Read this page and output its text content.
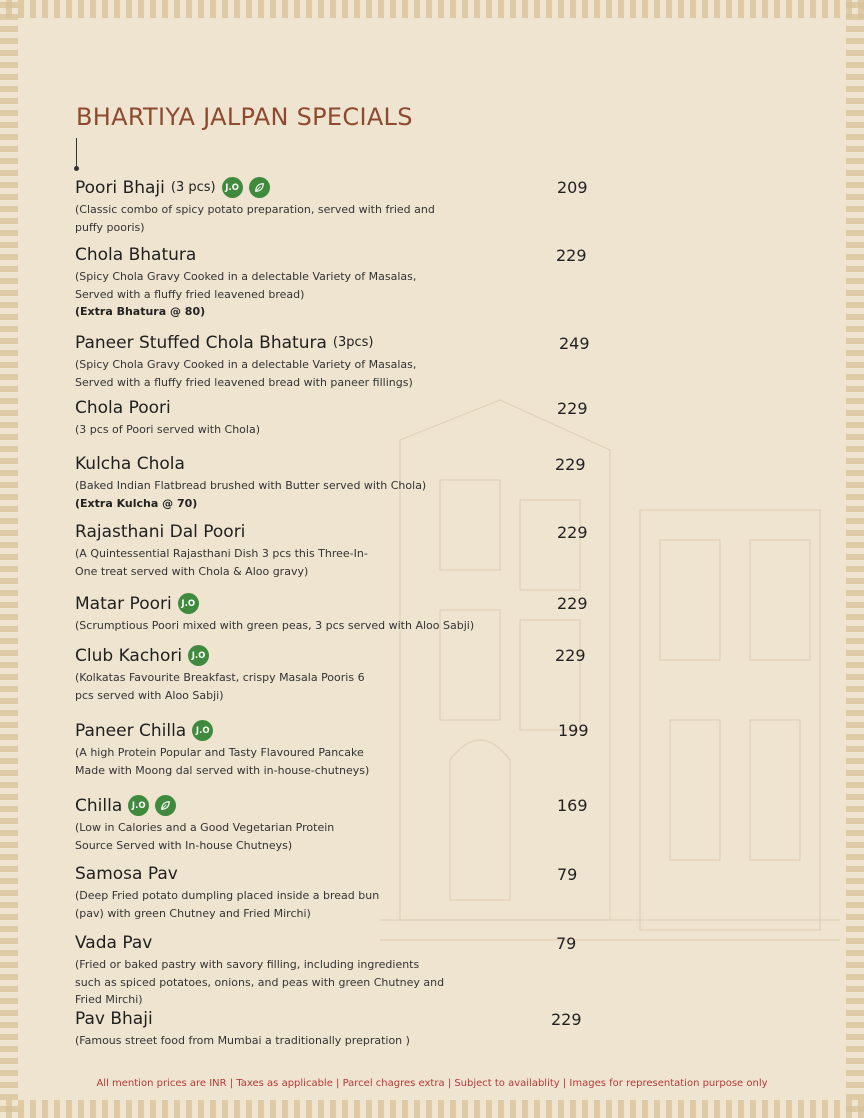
BHARTIYA JALPAN SPECIALS
Poori Bhaji (3 pcs)	J.O
(Classic combo of spicy potato preparation, served with fried and puffy pooris)
209
Chola Bhatura
(Spicy Chola Gravy Cooked in a delectable Variety of Masalas, Served with a fluffy fried leavened bread)
(Extra Bhatura @ 80)
229
Paneer Stuffed Chola Bhatura (3pcs)
(Spicy Chola Gravy Cooked in a delectable Variety of Masalas, Served with a fluffy fried leavened bread with paneer fillings)
249
Chola Poori
(3 pcs of Poori served with Chola)
229
Kulcha Chola
(Baked Indian Flatbread brushed with Butter served with Chola)
(Extra Kulcha @ 70)
229
Rajasthani Dal Poori
(A Quintessential Rajasthani Dish 3 pcs this Three-In-One treat served with Chola & Aloo gravy)
229
Matar Poori	J.O
(Scrumptious Poori mixed with green peas, 3 pcs served with Aloo Sabji)
229
Club Kachori	J.O
(Kolkatas Favourite Breakfast, crispy Masala Pooris 6 pcs served with Aloo Sabji)
229
Paneer Chilla	J.O
(A high Protein Popular and Tasty Flavoured Pancake Made with Moong dal served with in-house-chutneys)
199
Chilla	J.O
(Low in Calories and a Good Vegetarian Protein Source Served with In-house Chutneys)
169
Samosa Pav
(Deep Fried potato dumpling placed inside a bread bun (pav) with green Chutney and Fried Mirchi)
79
Vada Pav
(Fried or baked pastry with savory filling, including ingredients such as spiced potatoes, onions, and peas with green Chutney and Fried Mirchi)
79
Pav Bhaji
(Famous street food from Mumbai a traditionally prepration )
229
All mention prices are INR | Taxes as applicable | Parcel chagres extra | Subject to availablity | Images for representation purpose only
